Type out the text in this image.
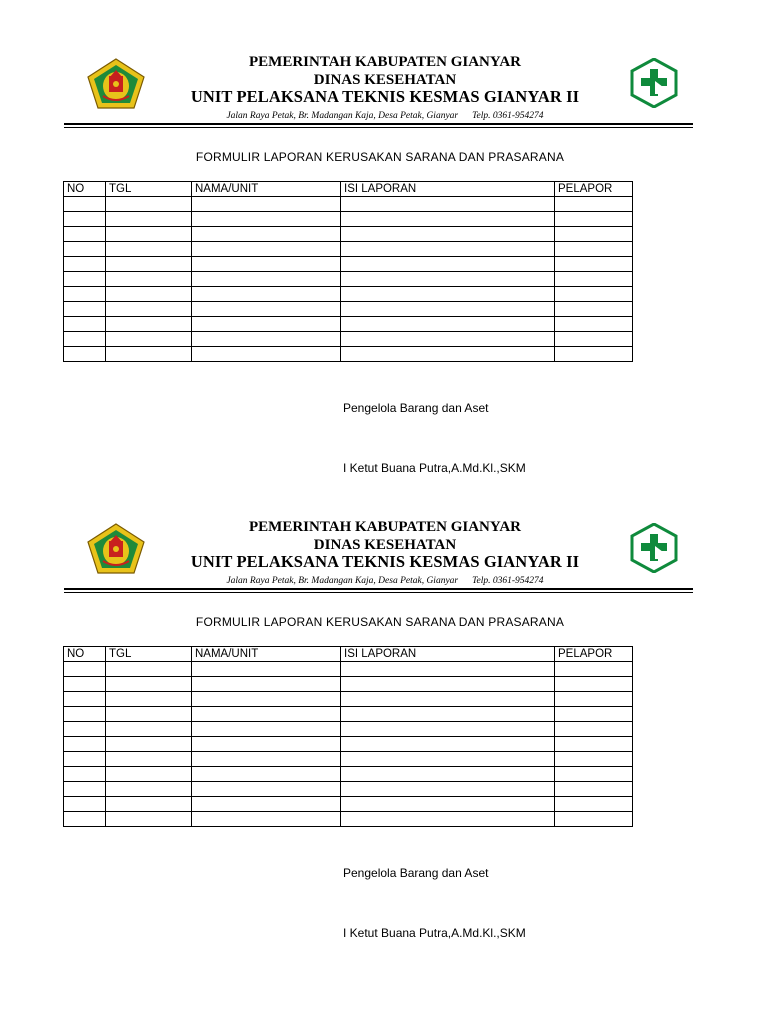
PEMERINTAH KABUPATEN GIANYAR
DINAS KESEHATAN
UNIT PELAKSANA TEKNIS KESMAS GIANYAR II
Jalan Raya Petak, Br. Madangan Kaja, Desa Petak, Gianyar Telp. 0361-954274
FORMULIR LAPORAN KERUSAKAN SARANA DAN PRASARANA
NO	TGL	NAMA/UNIT	ISI LAPORAN	PELAPOR

Pengelola Barang dan Aset
I Ketut Buana Putra,A.Md.Kl.,SKM
PEMERINTAH KABUPATEN GIANYAR
DINAS KESEHATAN
UNIT PELAKSANA TEKNIS KESMAS GIANYAR II
Jalan Raya Petak, Br. Madangan Kaja, Desa Petak, Gianyar Telp. 0361-954274
FORMULIR LAPORAN KERUSAKAN SARANA DAN PRASARANA
NO	TGL	NAMA/UNIT	ISI LAPORAN	PELAPOR

Pengelola Barang dan Aset
I Ketut Buana Putra,A.Md.Kl.,SKM
